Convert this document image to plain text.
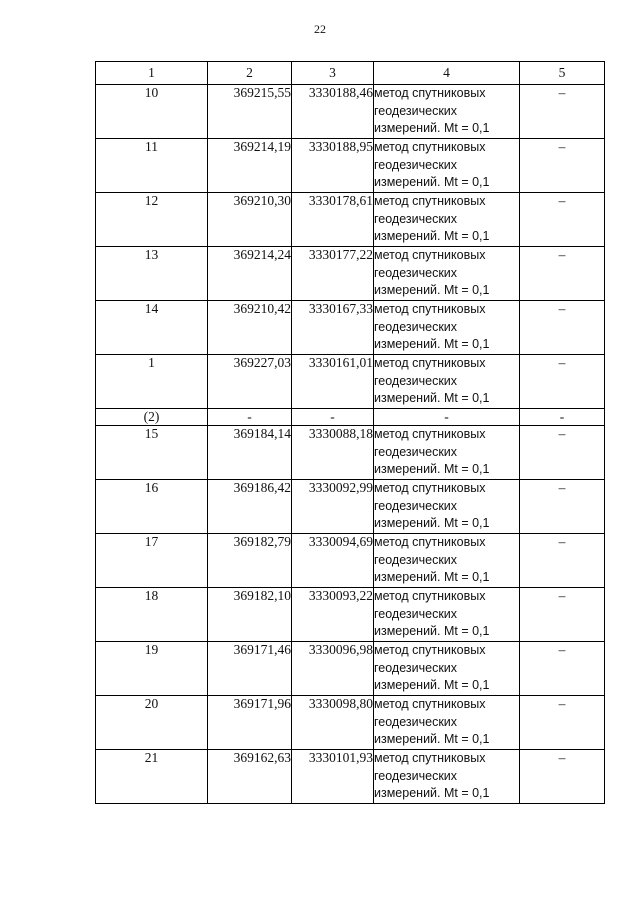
22
1	2	3	4	5
10	369215,55	3330188,46	метод спутниковых
геодезических
измерений. Mt = 0,1	–
11	369214,19	3330188,95	метод спутниковых
геодезических
измерений. Mt = 0,1	–
12	369210,30	3330178,61	метод спутниковых
геодезических
измерений. Mt = 0,1	–
13	369214,24	3330177,22	метод спутниковых
геодезических
измерений. Mt = 0,1	–
14	369210,42	3330167,33	метод спутниковых
геодезических
измерений. Mt = 0,1	–
1	369227,03	3330161,01	метод спутниковых
геодезических
измерений. Mt = 0,1	–
(2)	-	-	-	-
15	369184,14	3330088,18	метод спутниковых
геодезических
измерений. Mt = 0,1	–
16	369186,42	3330092,99	метод спутниковых
геодезических
измерений. Mt = 0,1	–
17	369182,79	3330094,69	метод спутниковых
геодезических
измерений. Mt = 0,1	–
18	369182,10	3330093,22	метод спутниковых
геодезических
измерений. Mt = 0,1	–
19	369171,46	3330096,98	метод спутниковых
геодезических
измерений. Mt = 0,1	–
20	369171,96	3330098,80	метод спутниковых
геодезических
измерений. Mt = 0,1	–
21	369162,63	3330101,93	метод спутниковых
геодезических
измерений. Mt = 0,1	–
